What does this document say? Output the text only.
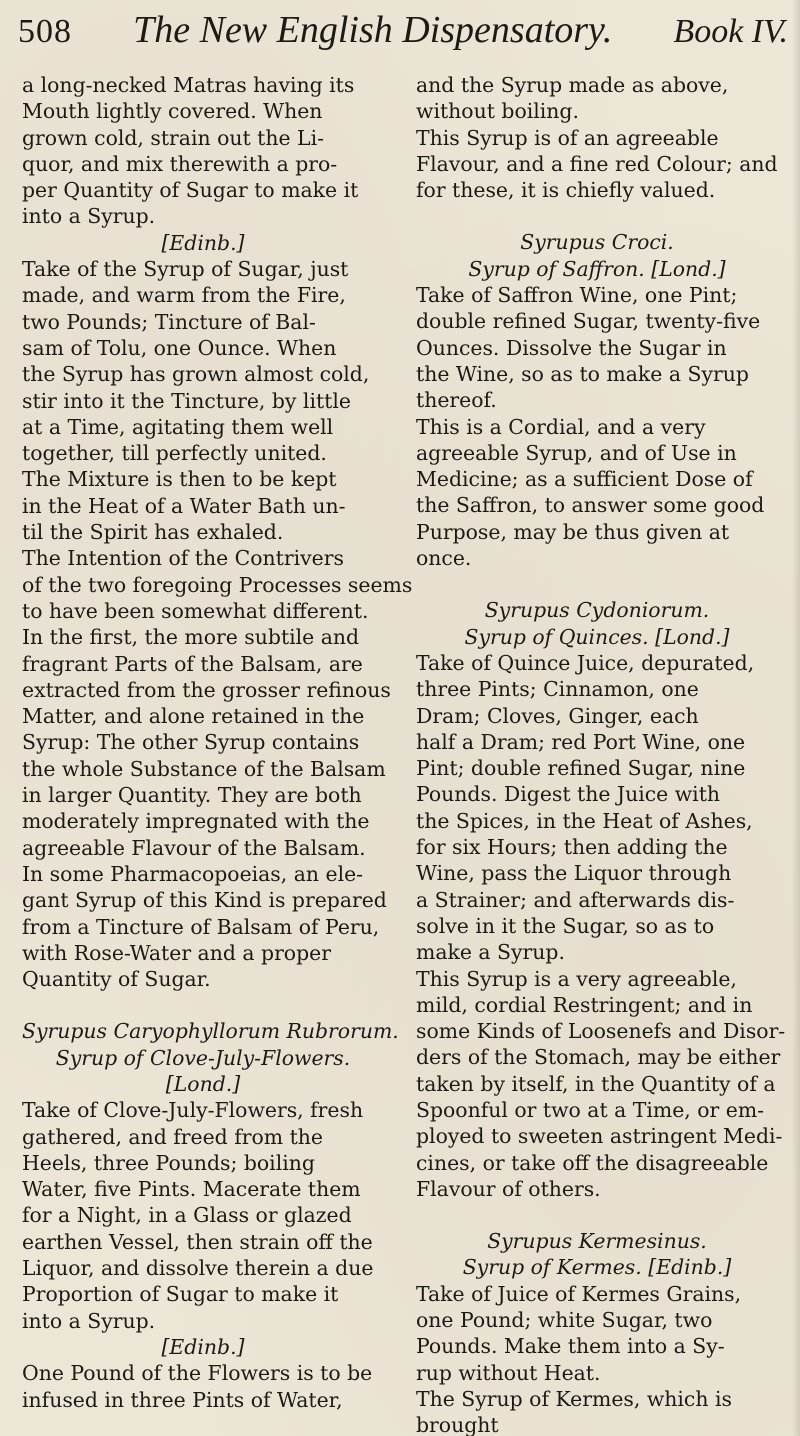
508 The New English Dispensatory. Book IV.

a long-necked Matras having its

Mouth lightly covered. When

grown cold, strain out the Li-

quor, and mix therewith a pro-

per Quantity of Sugar to make it

into a Syrup.

[Edinb.]

Take of the Syrup of Sugar, just

made, and warm from the Fire,

two Pounds; Tincture of Bal-

sam of Tolu, one Ounce. When

the Syrup has grown almost cold,

stir into it the Tincture, by little

at a Time, agitating them well

together, till perfectly united.

The Mixture is then to be kept

in the Heat of a Water Bath un-

til the Spirit has exhaled.

The Intention of the Contrivers

of the two foregoing Processes seems

to have been somewhat different.

In the first, the more subtile and

fragrant Parts of the Balsam, are

extracted from the grosser refinous

Matter, and alone retained in the

Syrup: The other Syrup contains

the whole Substance of the Balsam

in larger Quantity. They are both

moderately impregnated with the

agreeable Flavour of the Balsam.

In some Pharmacopoeias, an ele-

gant Syrup of this Kind is prepared

from a Tincture of Balsam of Peru,

with Rose-Water and a proper

Quantity of Sugar.

Syrupus Caryophyllorum Rubrorum.

Syrup of Clove-July-Flowers.

[Lond.]

Take of Clove-July-Flowers, fresh

gathered, and freed from the

Heels, three Pounds; boiling

Water, five Pints. Macerate them

for a Night, in a Glass or glazed

earthen Vessel, then strain off the

Liquor, and dissolve therein a due

Proportion of Sugar to make it

into a Syrup.

[Edinb.]

One Pound of the Flowers is to be

infused in three Pints of Water,

and the Syrup made as above,

without boiling.

This Syrup is of an agreeable

Flavour, and a fine red Colour; and

for these, it is chiefly valued.

Syrupus Croci.

Syrup of Saffron. [Lond.]

Take of Saffron Wine, one Pint;

double refined Sugar, twenty-five

Ounces. Dissolve the Sugar in

the Wine, so as to make a Syrup

thereof.

This is a Cordial, and a very

agreeable Syrup, and of Use in

Medicine; as a sufficient Dose of

the Saffron, to answer some good

Purpose, may be thus given at

once.

Syrupus Cydoniorum.

Syrup of Quinces. [Lond.]

Take of Quince Juice, depurated,

three Pints; Cinnamon, one

Dram; Cloves, Ginger, each

half a Dram; red Port Wine, one

Pint; double refined Sugar, nine

Pounds. Digest the Juice with

the Spices, in the Heat of Ashes,

for six Hours; then adding the

Wine, pass the Liquor through

a Strainer; and afterwards dis-

solve in it the Sugar, so as to

make a Syrup.

This Syrup is a very agreeable,

mild, cordial Restringent; and in

some Kinds of Loosenefs and Disor-

ders of the Stomach, may be either

taken by itself, in the Quantity of a

Spoonful or two at a Time, or em-

ployed to sweeten astringent Medi-

cines, or take off the disagreeable

Flavour of others.

Syrupus Kermesinus.

Syrup of Kermes. [Edinb.]

Take of Juice of Kermes Grains,

one Pound; white Sugar, two

Pounds. Make them into a Sy-

rup without Heat.

The Syrup of Kermes, which is

brought
